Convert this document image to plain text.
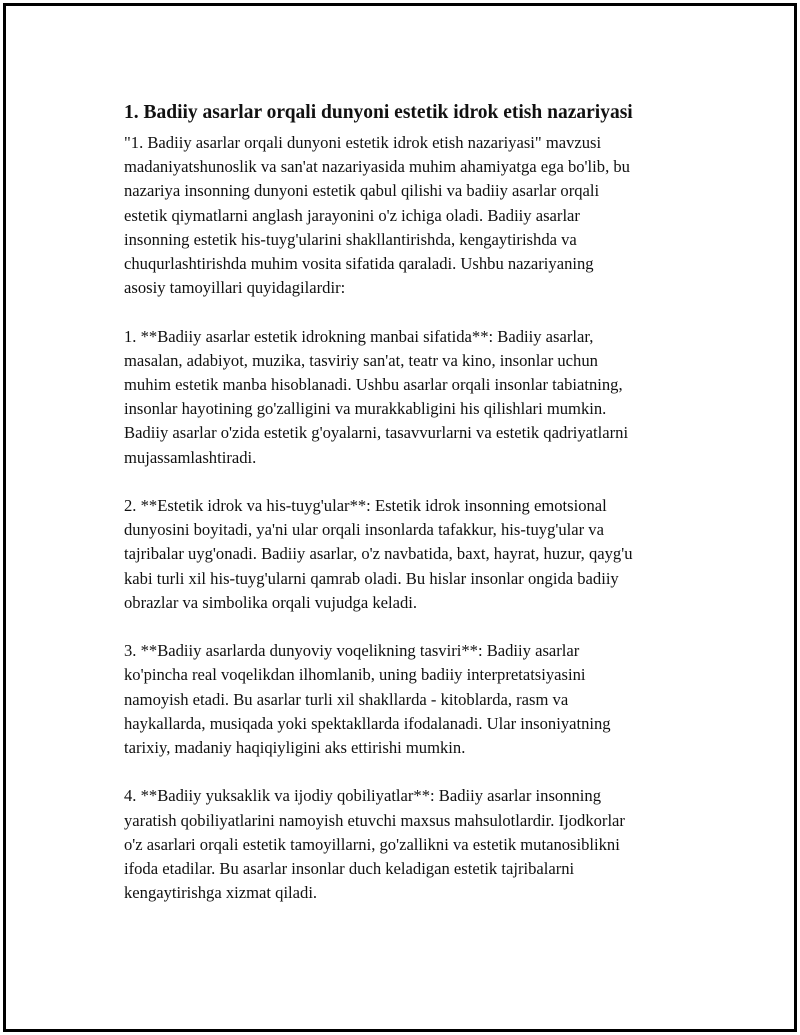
1. Badiiy asarlar orqali dunyoni estetik idrok etish nazariyasi

"1. Badiiy asarlar orqali dunyoni estetik idrok etish nazariyasi" mavzusi
madaniyatshunoslik va san'at nazariyasida muhim ahamiyatga ega bo'lib, bu
nazariya insonning dunyoni estetik qabul qilishi va badiiy asarlar orqali
estetik qiymatlarni anglash jarayonini o'z ichiga oladi. Badiiy asarlar
insonning estetik his-tuyg'ularini shakllantirishda, kengaytirishda va
chuqurlashtirishda muhim vosita sifatida qaraladi. Ushbu nazariyaning
asosiy tamoyillari quyidagilardir:

1. **Badiiy asarlar estetik idrokning manbai sifatida**: Badiiy asarlar,
masalan, adabiyot, muzika, tasviriy san'at, teatr va kino, insonlar uchun
muhim estetik manba hisoblanadi. Ushbu asarlar orqali insonlar tabiatning,
insonlar hayotining go'zalligini va murakkabligini his qilishlari mumkin.
Badiiy asarlar o'zida estetik g'oyalarni, tasavvurlarni va estetik qadriyatlarni
mujassamlashtiradi.

2. **Estetik idrok va his-tuyg'ular**: Estetik idrok insonning emotsional
dunyosini boyitadi, ya'ni ular orqali insonlarda tafakkur, his-tuyg'ular va
tajribalar uyg'onadi. Badiiy asarlar, o'z navbatida, baxt, hayrat, huzur, qayg'u
kabi turli xil his-tuyg'ularni qamrab oladi. Bu hislar insonlar ongida badiiy
obrazlar va simbolika orqali vujudga keladi.

3. **Badiiy asarlarda dunyoviy voqelikning tasviri**: Badiiy asarlar
ko'pincha real voqelikdan ilhomlanib, uning badiiy interpretatsiyasini
namoyish etadi. Bu asarlar turli xil shakllarda - kitoblarda, rasm va
haykallarda, musiqada yoki spektakllarda ifodalanadi. Ular insoniyatning
tarixiy, madaniy haqiqiyligini aks ettirishi mumkin.

4. **Badiiy yuksaklik va ijodiy qobiliyatlar**: Badiiy asarlar insonning
yaratish qobiliyatlarini namoyish etuvchi maxsus mahsulotlardir. Ijodkorlar
o'z asarlari orqali estetik tamoyillarni, go'zallikni va estetik mutanosiblikni
ifoda etadilar. Bu asarlar insonlar duch keladigan estetik tajribalarni
kengaytirishga xizmat qiladi.
